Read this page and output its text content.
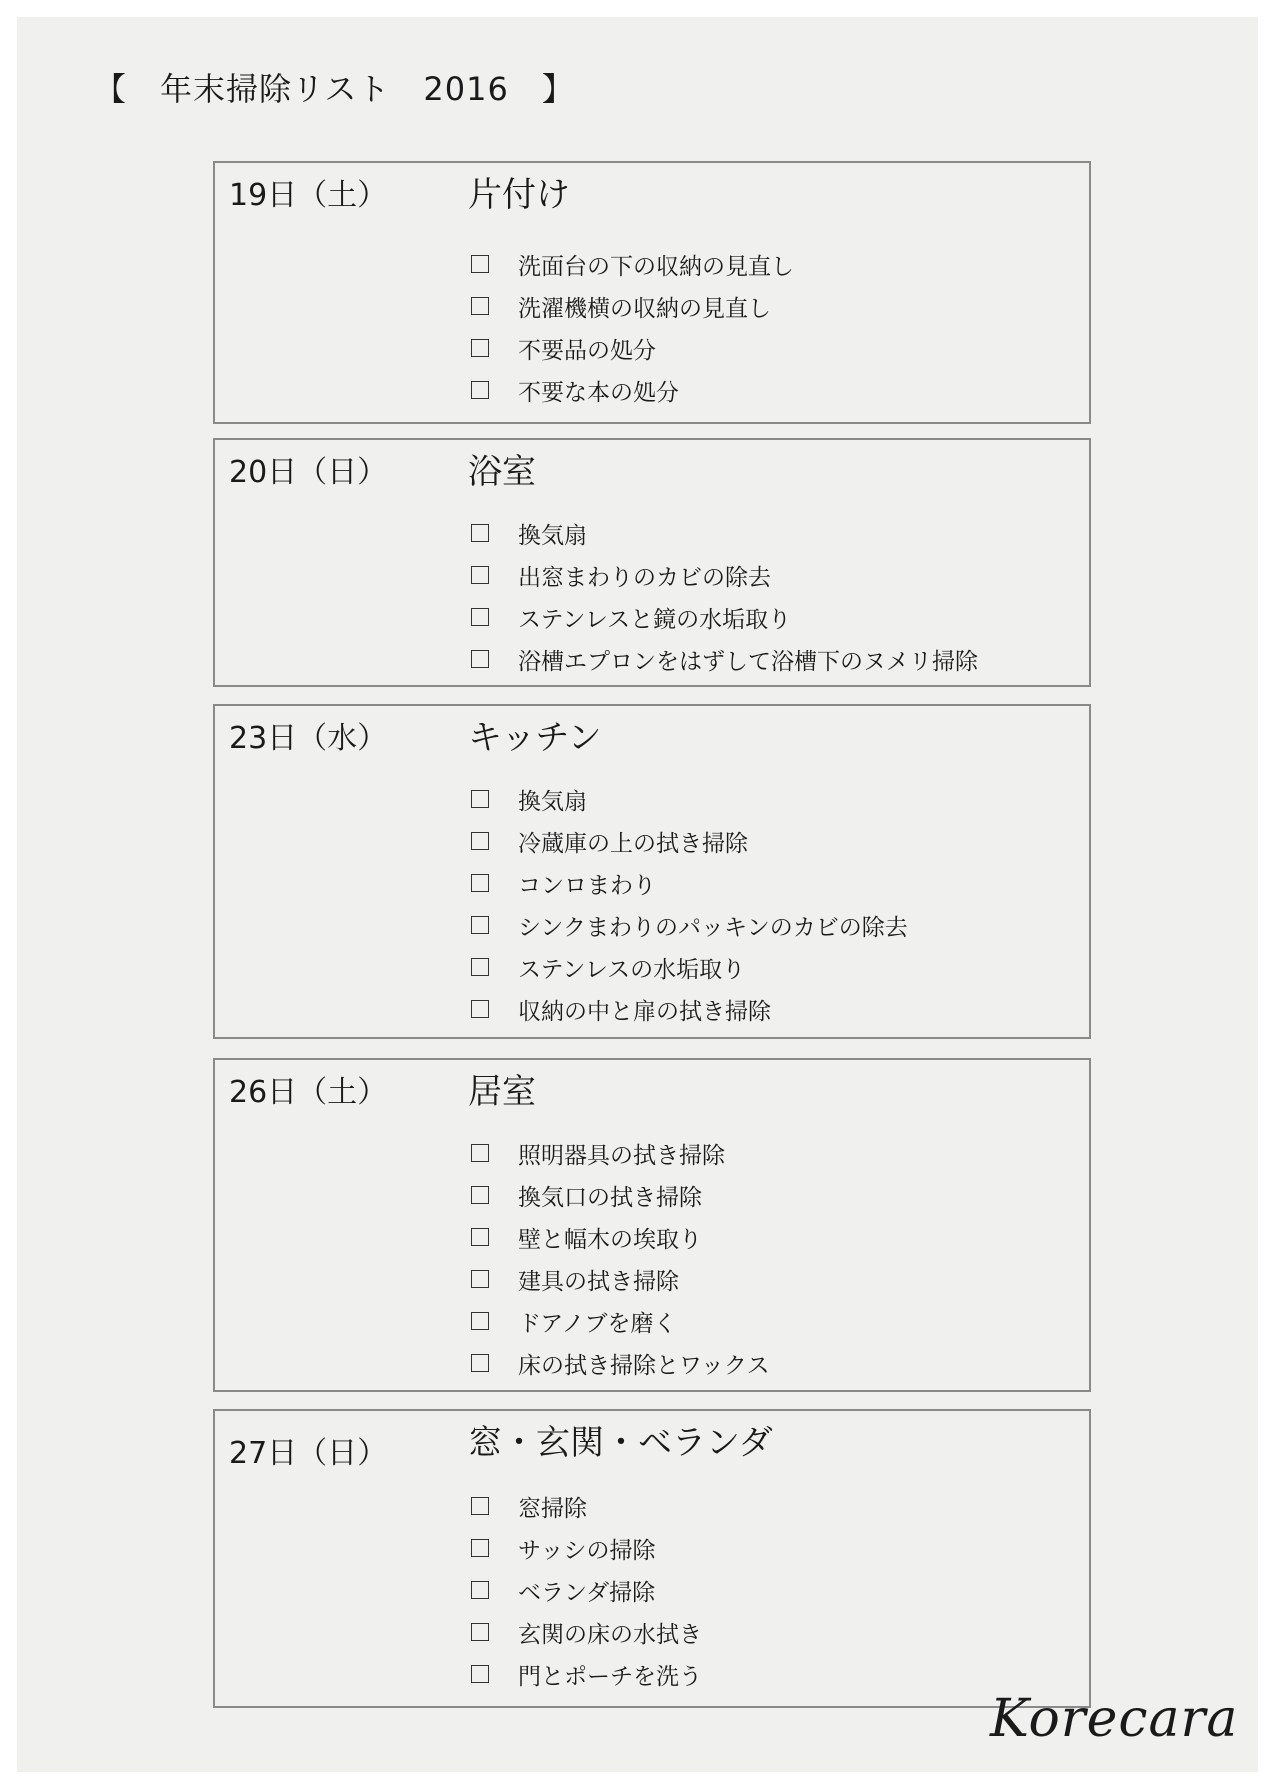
【　年末掃除リスト　2016　】
19日（土） 片付け
洗面台の下の収納の見直し
洗濯機横の収納の見直し
不要品の処分
不要な本の処分
20日（日） 浴室
換気扇
出窓まわりのカビの除去
ステンレスと鏡の水垢取り
浴槽エプロンをはずして浴槽下のヌメリ掃除
23日（水） キッチン
換気扇
冷蔵庫の上の拭き掃除
コンロまわり
シンクまわりのパッキンのカビの除去
ステンレスの水垢取り
収納の中と扉の拭き掃除
26日（土） 居室
照明器具の拭き掃除
換気口の拭き掃除
壁と幅木の埃取り
建具の拭き掃除
ドアノブを磨く
床の拭き掃除とワックス
27日（日） 窓・玄関・ベランダ
窓掃除
サッシの掃除
ベランダ掃除
玄関の床の水拭き
門とポーチを洗う
Korecara
